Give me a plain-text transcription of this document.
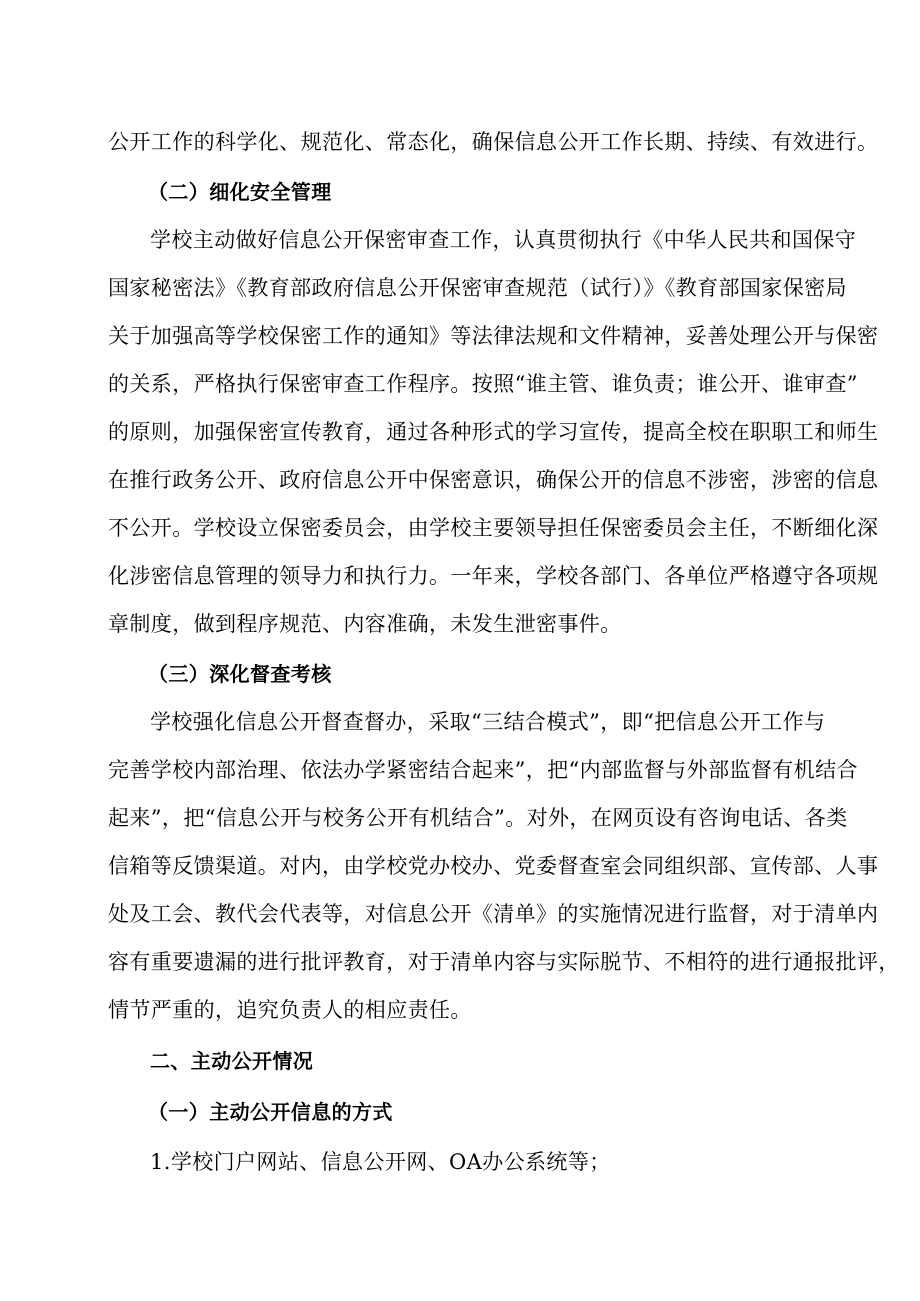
公开工作的科学化、规范化、常态化，确保信息公开工作长期、持续、有效进行。
（二）细化安全管理
学校主动做好信息公开保密审查工作，认真贯彻执行《中华人民共和国保守
国家秘密法》《教育部政府信息公开保密审查规范（试行）》《教育部国家保密局
关于加强高等学校保密工作的通知》等法律法规和文件精神，妥善处理公开与保密
的关系，严格执行保密审查工作程序。按照“谁主管、谁负责；谁公开、谁审查”
的原则，加强保密宣传教育，通过各种形式的学习宣传，提高全校在职职工和师生
在推行政务公开、政府信息公开中保密意识，确保公开的信息不涉密，涉密的信息
不公开。学校设立保密委员会，由学校主要领导担任保密委员会主任，不断细化深
化涉密信息管理的领导力和执行力。一年来，学校各部门、各单位严格遵守各项规
章制度，做到程序规范、内容准确，未发生泄密事件。
（三）深化督查考核
学校强化信息公开督查督办，采取“三结合模式”，即“把信息公开工作与
完善学校内部治理、依法办学紧密结合起来”，把“内部监督与外部监督有机结合
起来”，把“信息公开与校务公开有机结合”。对外，在网页设有咨询电话、各类
信箱等反馈渠道。对内，由学校党办校办、党委督查室会同组织部、宣传部、人事
处及工会、教代会代表等，对信息公开《清单》的实施情况进行监督，对于清单内
容有重要遗漏的进行批评教育，对于清单内容与实际脱节、不相符的进行通报批评，
情节严重的，追究负责人的相应责任。
二、主动公开情况
（一）主动公开信息的方式
1.学校门户网站、信息公开网、OA办公系统等；
